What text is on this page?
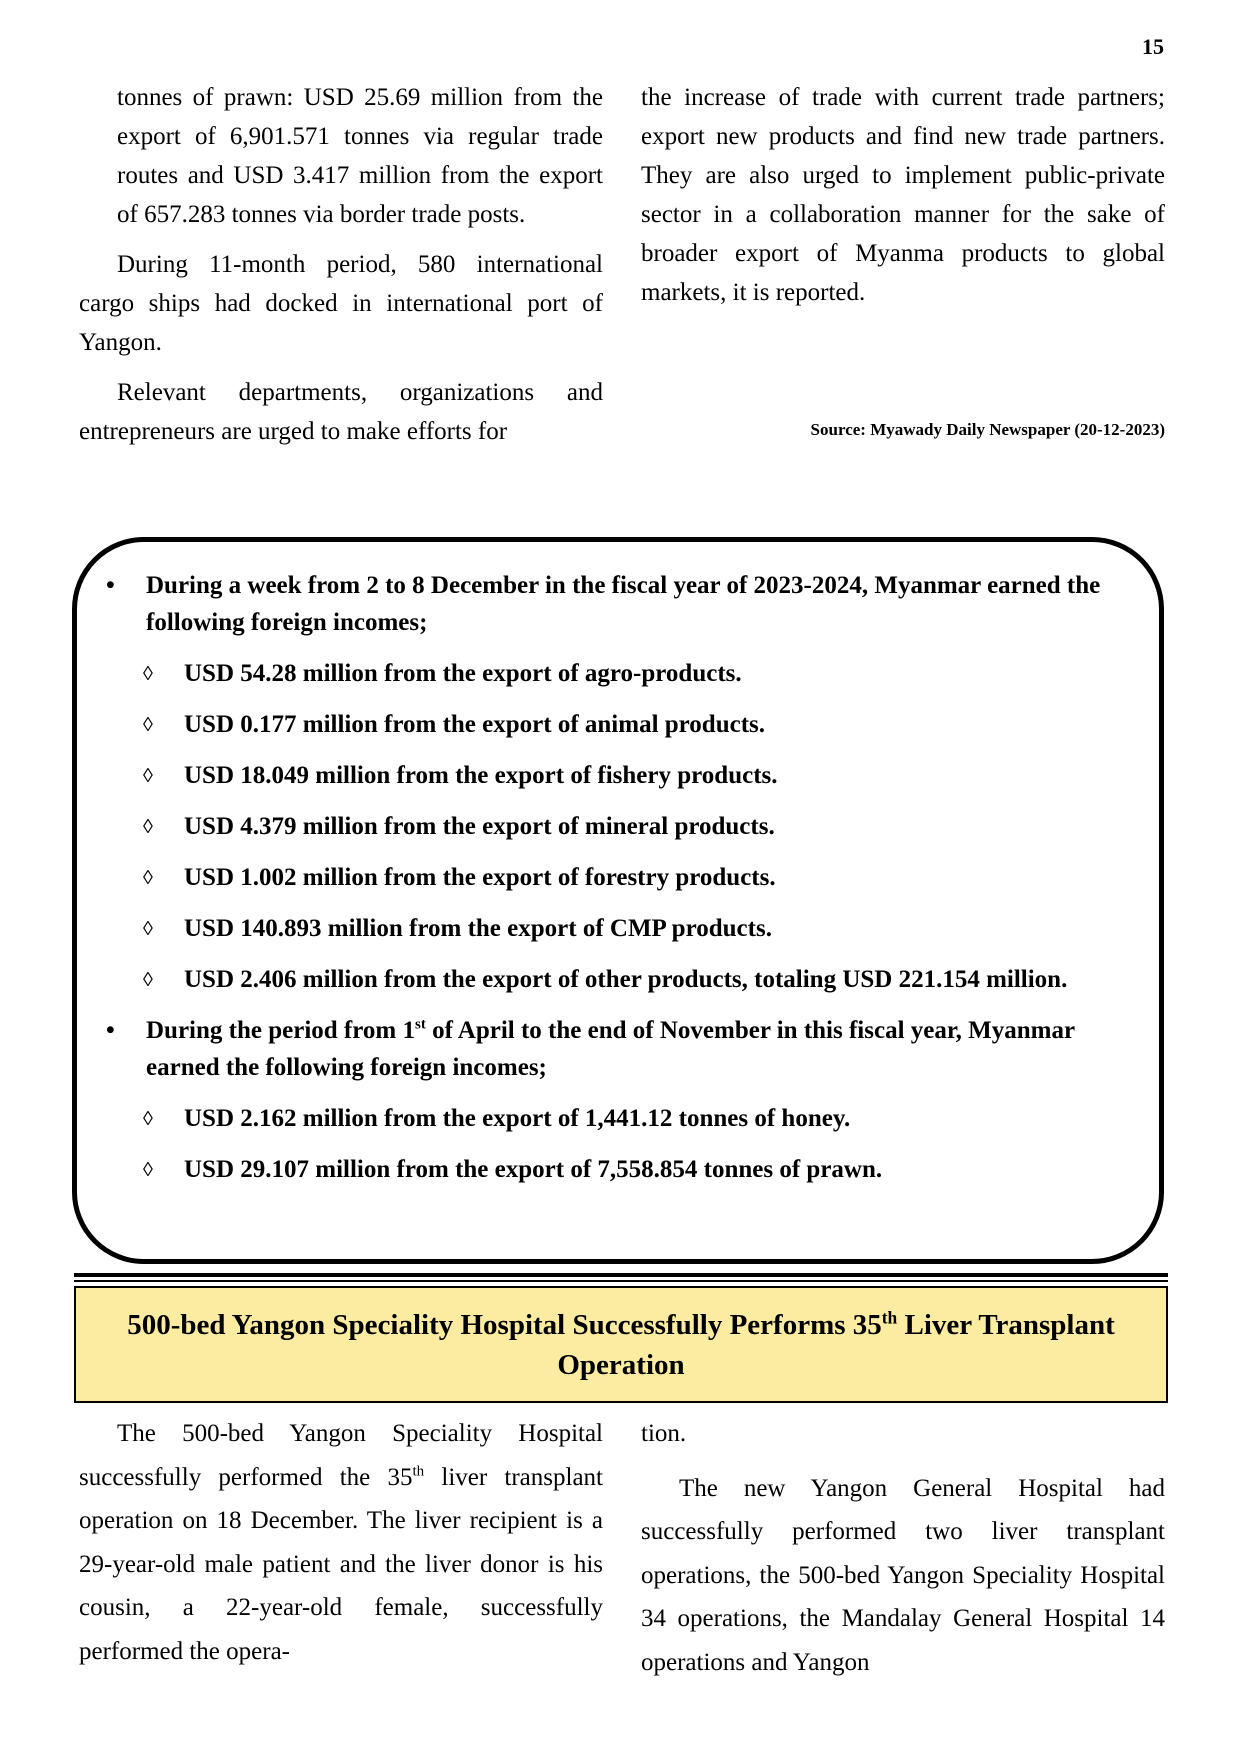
15

tonnes of prawn: USD 25.69 million from the export of 6,901.571 tonnes via regular trade routes and USD 3.417 million from the export of 657.283 tonnes via border trade posts.

During 11-month period, 580 international cargo ships had docked in international port of Yangon.

Relevant departments, organizations and entrepreneurs are urged to make efforts for

the increase of trade with current trade partners; export new products and find new trade partners. They are also urged to implement public-private sector in a collaboration manner for the sake of broader export of Myanma products to global markets, it is reported.

Source: Myawady Daily Newspaper (20-12-2023)
• During a week from 2 to 8 December in the fiscal year of 2023-2024, Myanmar earned the following foreign incomes;
◊ USD 54.28 million from the export of agro-products.
◊ USD 0.177 million from the export of animal products.
◊ USD 18.049 million from the export of fishery products.
◊ USD 4.379 million from the export of mineral products.
◊ USD 1.002 million from the export of forestry products.
◊ USD 140.893 million from the export of CMP products.
◊ USD 2.406 million from the export of other products, totaling USD 221.154 million.
• During the period from 1st of April to the end of November in this fiscal year, Myanmar earned the following foreign incomes;
◊ USD 2.162 million from the export of 1,441.12 tonnes of honey.
◊ USD 29.107 million from the export of 7,558.854 tonnes of prawn.
500-bed Yangon Speciality Hospital Successfully Performs 35th Liver Transplant Operation

The 500-bed Yangon Speciality Hospital successfully performed the 35th liver transplant operation on 18 December. The liver recipient is a 29-year-old male patient and the liver donor is his cousin, a 22-year-old female, successfully performed the opera-

tion.

The new Yangon General Hospital had successfully performed two liver transplant operations, the 500-bed Yangon Speciality Hospital 34 operations, the Mandalay General Hospital 14 operations and Yangon
